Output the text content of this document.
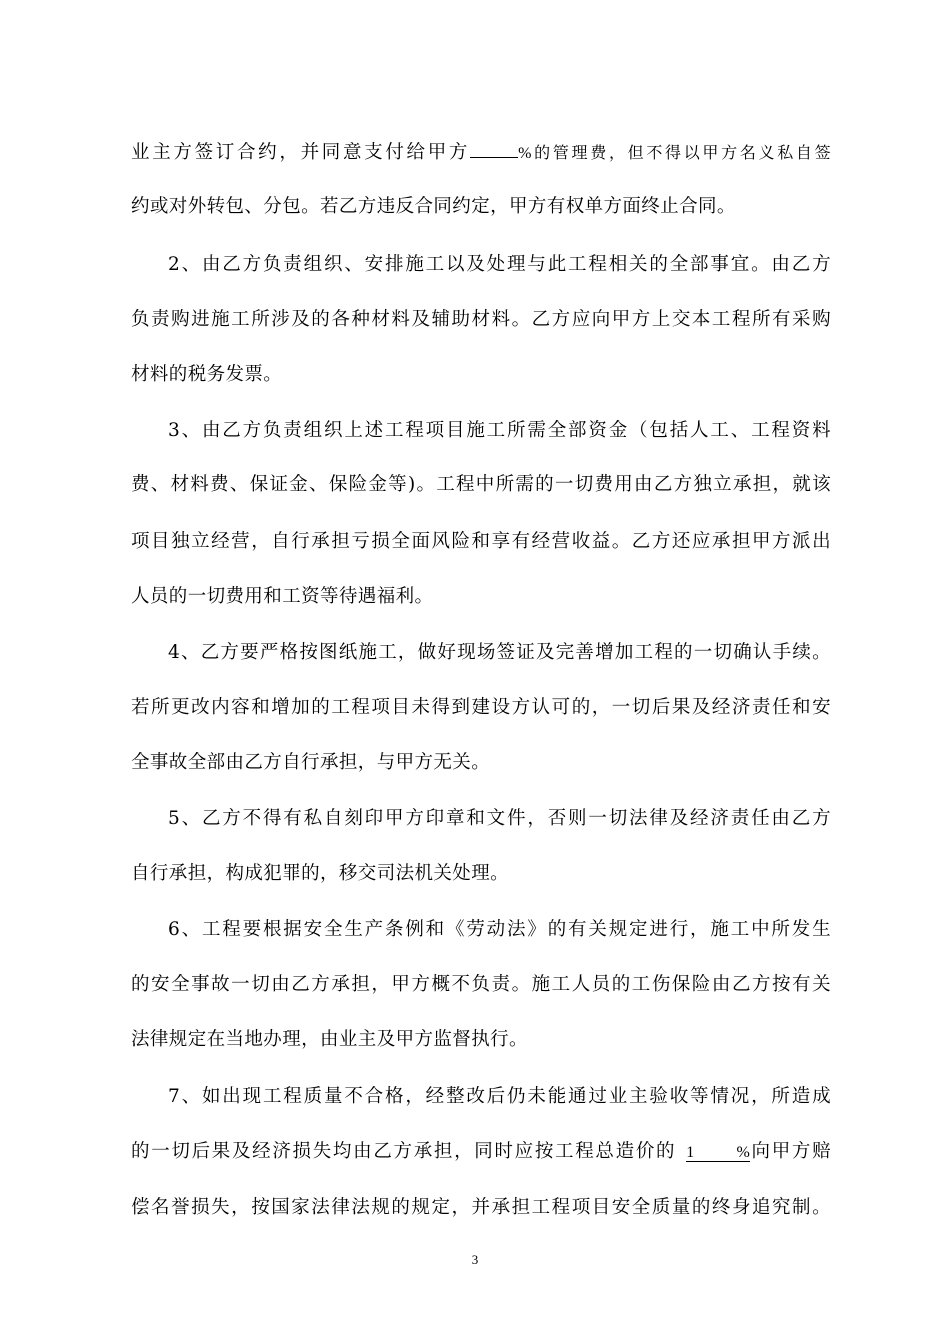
业主方签订合约，并同意支付给甲方	%的管理费，但不得以甲方名义私自签
约或对外转包、分包。若乙方违反合同约定，甲方有权单方面终止合同。
2、由乙方负责组织、安排施工以及处理与此工程相关的全部事宜。由乙方
负责购进施工所涉及的各种材料及辅助材料。乙方应向甲方上交本工程所有采购
材料的税务发票。
3、由乙方负责组织上述工程项目施工所需全部资金（包括人工、工程资料
费、材料费、保证金、保险金等)。工程中所需的一切费用由乙方独立承担，就该
项目独立经营，自行承担亏损全面风险和享有经营收益。乙方还应承担甲方派出
人员的一切费用和工资等待遇福利。
4、乙方要严格按图纸施工，做好现场签证及完善增加工程的一切确认手续。
若所更改内容和增加的工程项目未得到建设方认可的，一切后果及经济责任和安
全事故全部由乙方自行承担，与甲方无关。
5、乙方不得有私自刻印甲方印章和文件，否则一切法律及经济责任由乙方
自行承担，构成犯罪的，移交司法机关处理。
6、工程要根据安全生产条例和《劳动法》的有关规定进行，施工中所发生
的安全事故一切由乙方承担，甲方概不负责。施工人员的工伤保险由乙方按有关
法律规定在当地办理，由业主及甲方监督执行。
7、如出现工程质量不合格，经整改后仍未能通过业主验收等情况，所造成
的一切后果及经济损失均由乙方承担，同时应按工程总造价的 1 %向甲方赔
偿名誉损失，按国家法律法规的规定，并承担工程项目安全质量的终身追究制。
3
